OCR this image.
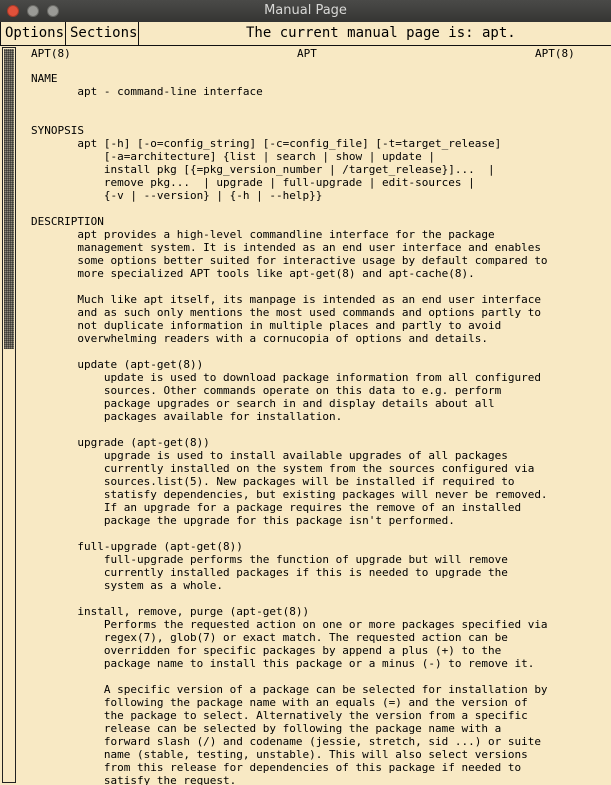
Manual Page
Options Sections	The current manual page is: apt.
APT(8)	APT	APT(8)
NAME
apt - command-line interface
SYNOPSIS
apt [-h] [-o=config_string] [-c=config_file] [-t=target_release]
[-a=architecture] {list | search | show | update |
install pkg [{=pkg_version_number | /target_release}]...  |
remove pkg...  | upgrade | full-upgrade | edit-sources |
{-v | --version} | {-h | --help}}
DESCRIPTION
apt provides a high-level commandline interface for the package
management system. It is intended as an end user interface and enables
some options better suited for interactive usage by default compared to
more specialized APT tools like apt-get(8) and apt-cache(8).
Much like apt itself, its manpage is intended as an end user interface
and as such only mentions the most used commands and options partly to
not duplicate information in multiple places and partly to avoid
overwhelming readers with a cornucopia of options and details.
update (apt-get(8))
update is used to download package information from all configured
sources. Other commands operate on this data to e.g. perform
package upgrades or search in and display details about all
packages available for installation.
upgrade (apt-get(8))
upgrade is used to install available upgrades of all packages
currently installed on the system from the sources configured via
sources.list(5). New packages will be installed if required to
statisfy dependencies, but existing packages will never be removed.
If an upgrade for a package requires the remove of an installed
package the upgrade for this package isn't performed.
full-upgrade (apt-get(8))
full-upgrade performs the function of upgrade but will remove
currently installed packages if this is needed to upgrade the
system as a whole.
install, remove, purge (apt-get(8))
Performs the requested action on one or more packages specified via
regex(7), glob(7) or exact match. The requested action can be
overridden for specific packages by append a plus (+) to the
package name to install this package or a minus (-) to remove it.
A specific version of a package can be selected for installation by
following the package name with an equals (=) and the version of
the package to select. Alternatively the version from a specific
release can be selected by following the package name with a
forward slash (/) and codename (jessie, stretch, sid ...) or suite
name (stable, testing, unstable). This will also select versions
from this release for dependencies of this package if needed to
satisfy the request.
